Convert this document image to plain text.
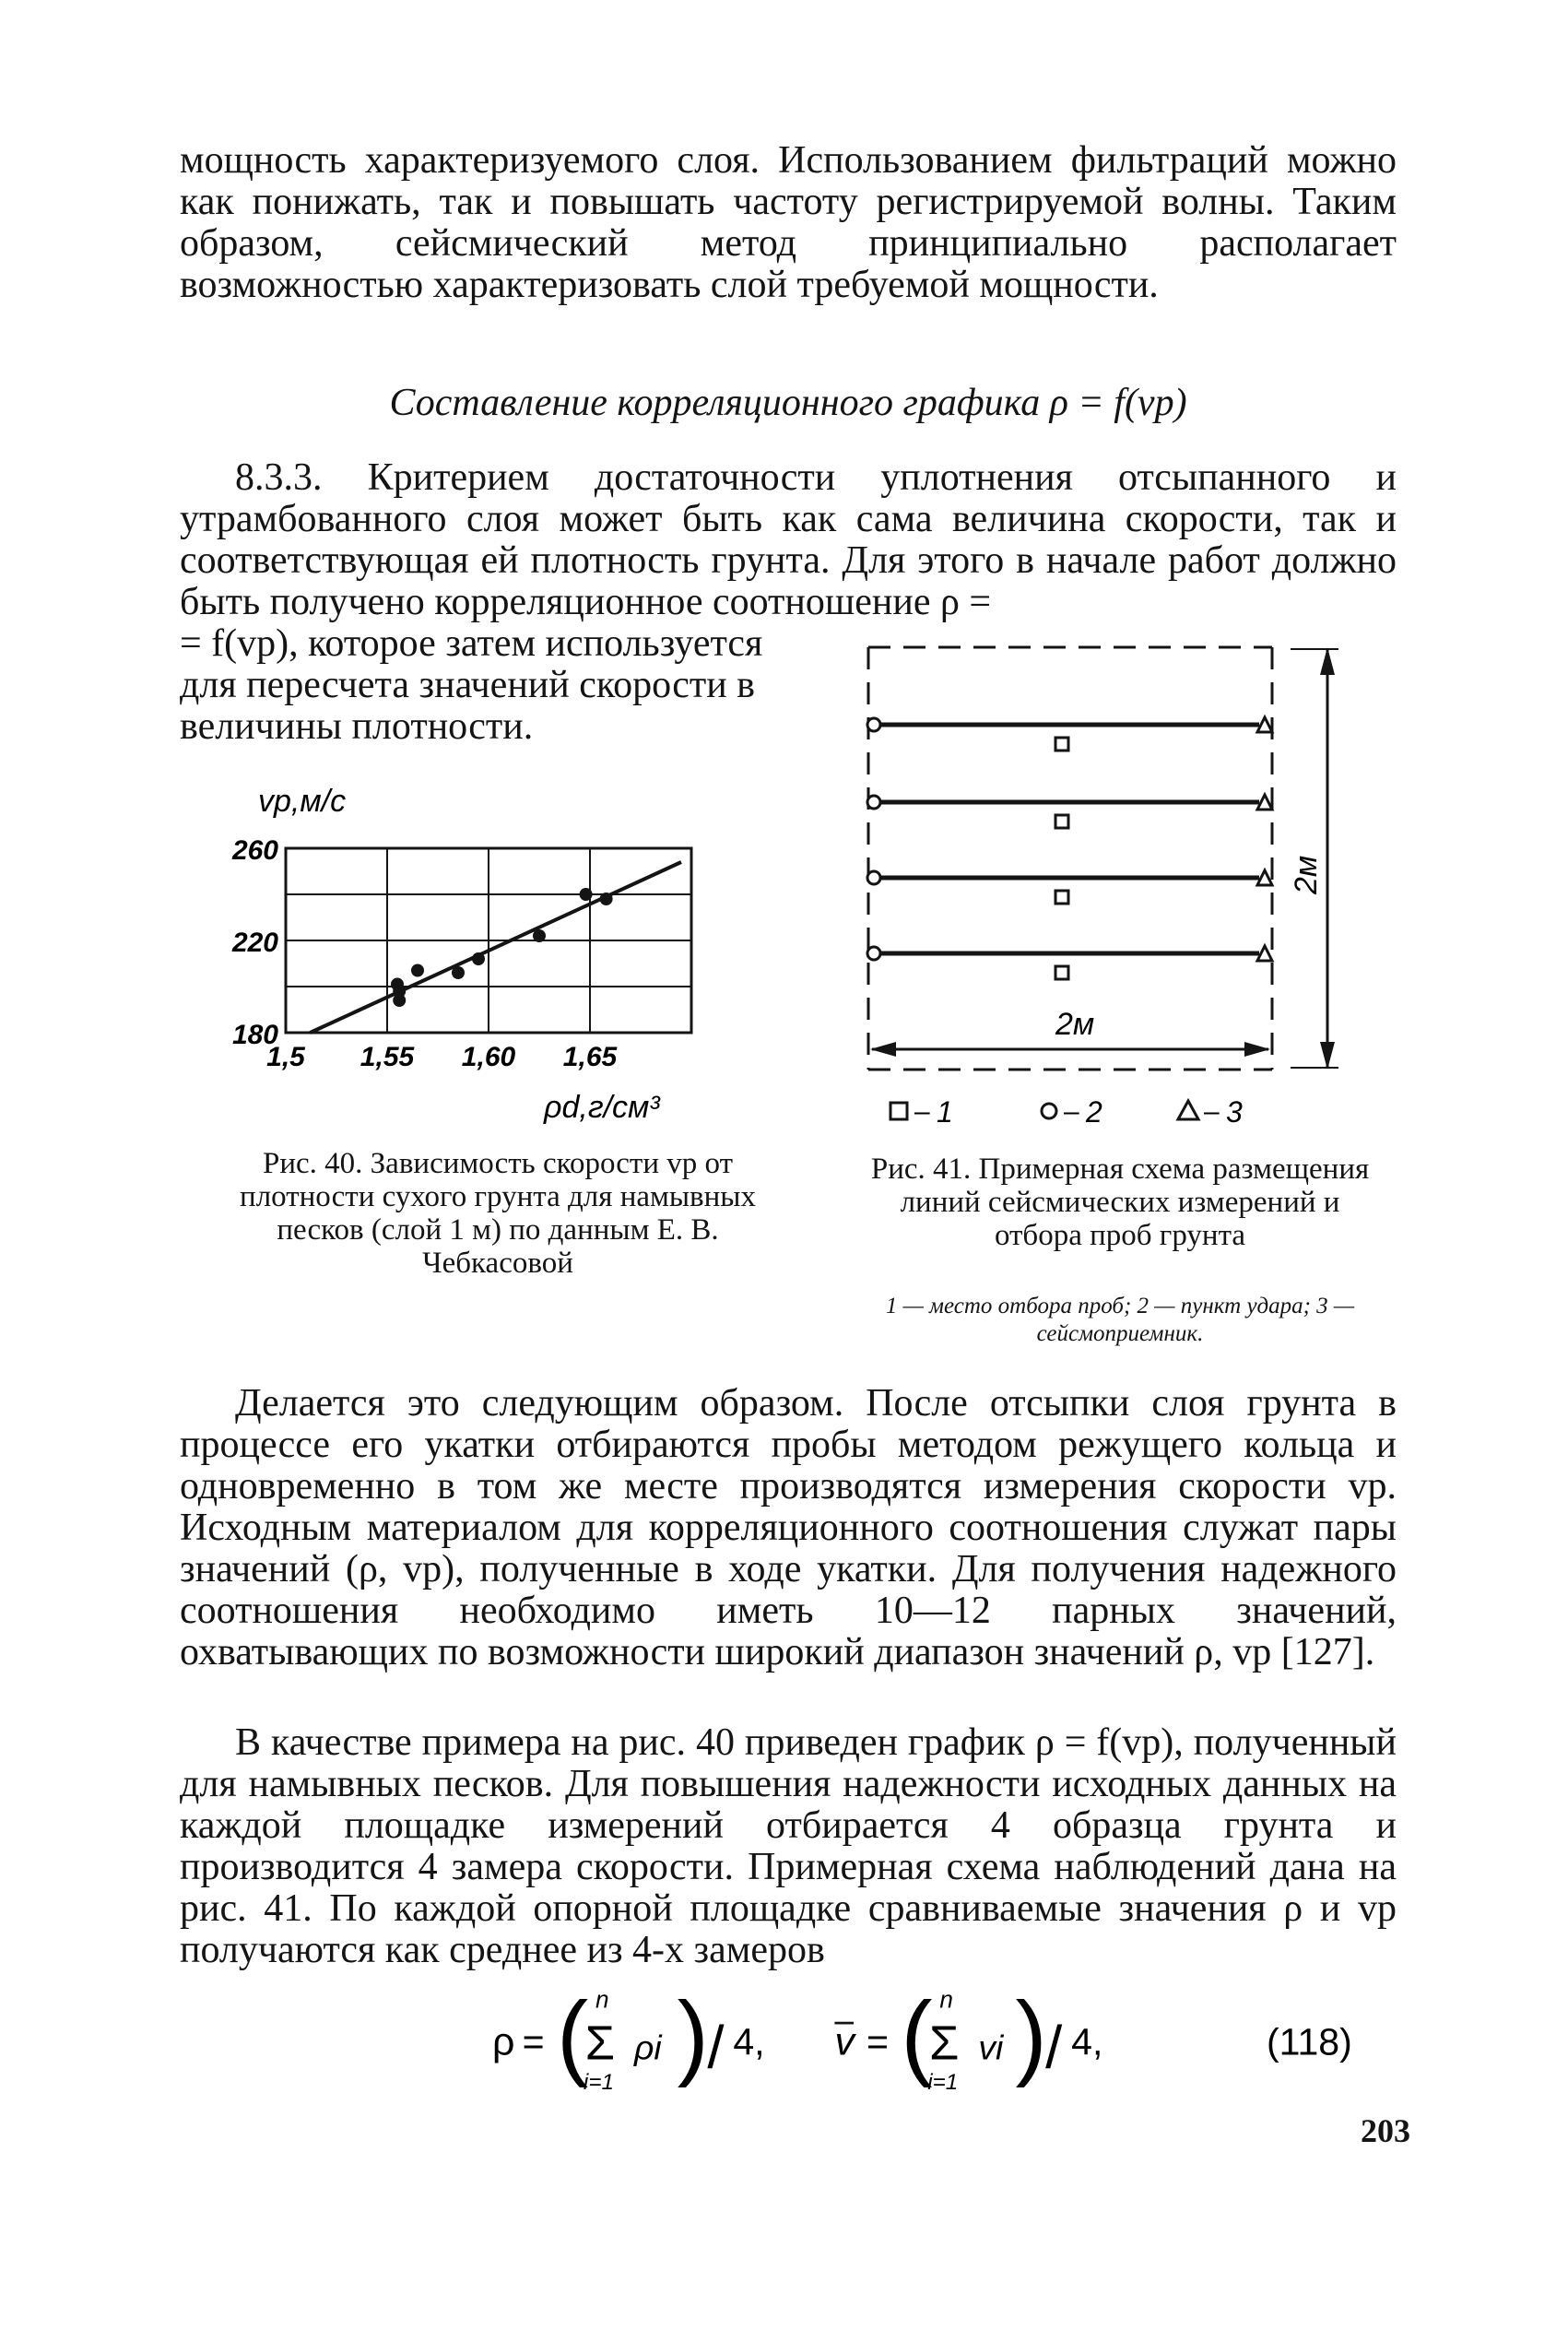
мощность характеризуемого слоя. Использованием фильтраций можно как понижать, так и повышать частоту регистрируемой волны. Таким образом, сейсмический метод принципиально располагает возможностью характеризовать слой требуемой мощности.

Составление корреляционного графика ρ = f(vp)

8.3.3. Критерием достаточности уплотнения отсыпанного и утрамбованного слоя может быть как сама величина скорости, так и соответствующая ей плотность грунта. Для этого в начале работ должно быть получено корреляционное соотношение ρ =

= f(vp), которое затем используется для пересчета значений скорости в величины плотности.

vp,м/с
ρd,г/см³
180
220
260
1,5 1,55 1,60 1,65

Рис. 40. Зависимость скорости vp от плотности сухого грунта для намывных песков (слой 1 м) по данным Е. В. Чебкасовой

2м
2м
– 1	– 2	– 3

Рис. 41. Примерная схема размещения линий сейсмических измерений и отбора проб грунта

1 — место отбора проб; 2 — пункт удара; 3 — сейсмоприемник.

Делается это следующим образом. После отсыпки слоя грунта в процессе его укатки отбираются пробы методом режущего кольца и одновременно в том же месте производятся измерения скорости vp. Исходным материалом для корреляционного соотношения служат пары значений (ρ, vp), полученные в ходе укатки. Для получения надежного соотношения необходимо иметь 10—12 парных значений, охватывающих по возможности широкий диапазон значений ρ, vp [127].

В качестве примера на рис. 40 приведен график ρ = f(vp), полученный для намывных песков. Для повышения надежности исходных данных на каждой площадке измерений отбирается 4 образца грунта и производится 4 замера скорости. Примерная схема наблюдений дана на рис. 41. По каждой опорной площадке сравниваемые значения ρ и vp получаются как среднее из 4-х замеров

ρ = ( n
Σ
i=1
ρi )
/ 4, v = ( n
Σ
i=1
vi )
/ 4,	(118)
203
